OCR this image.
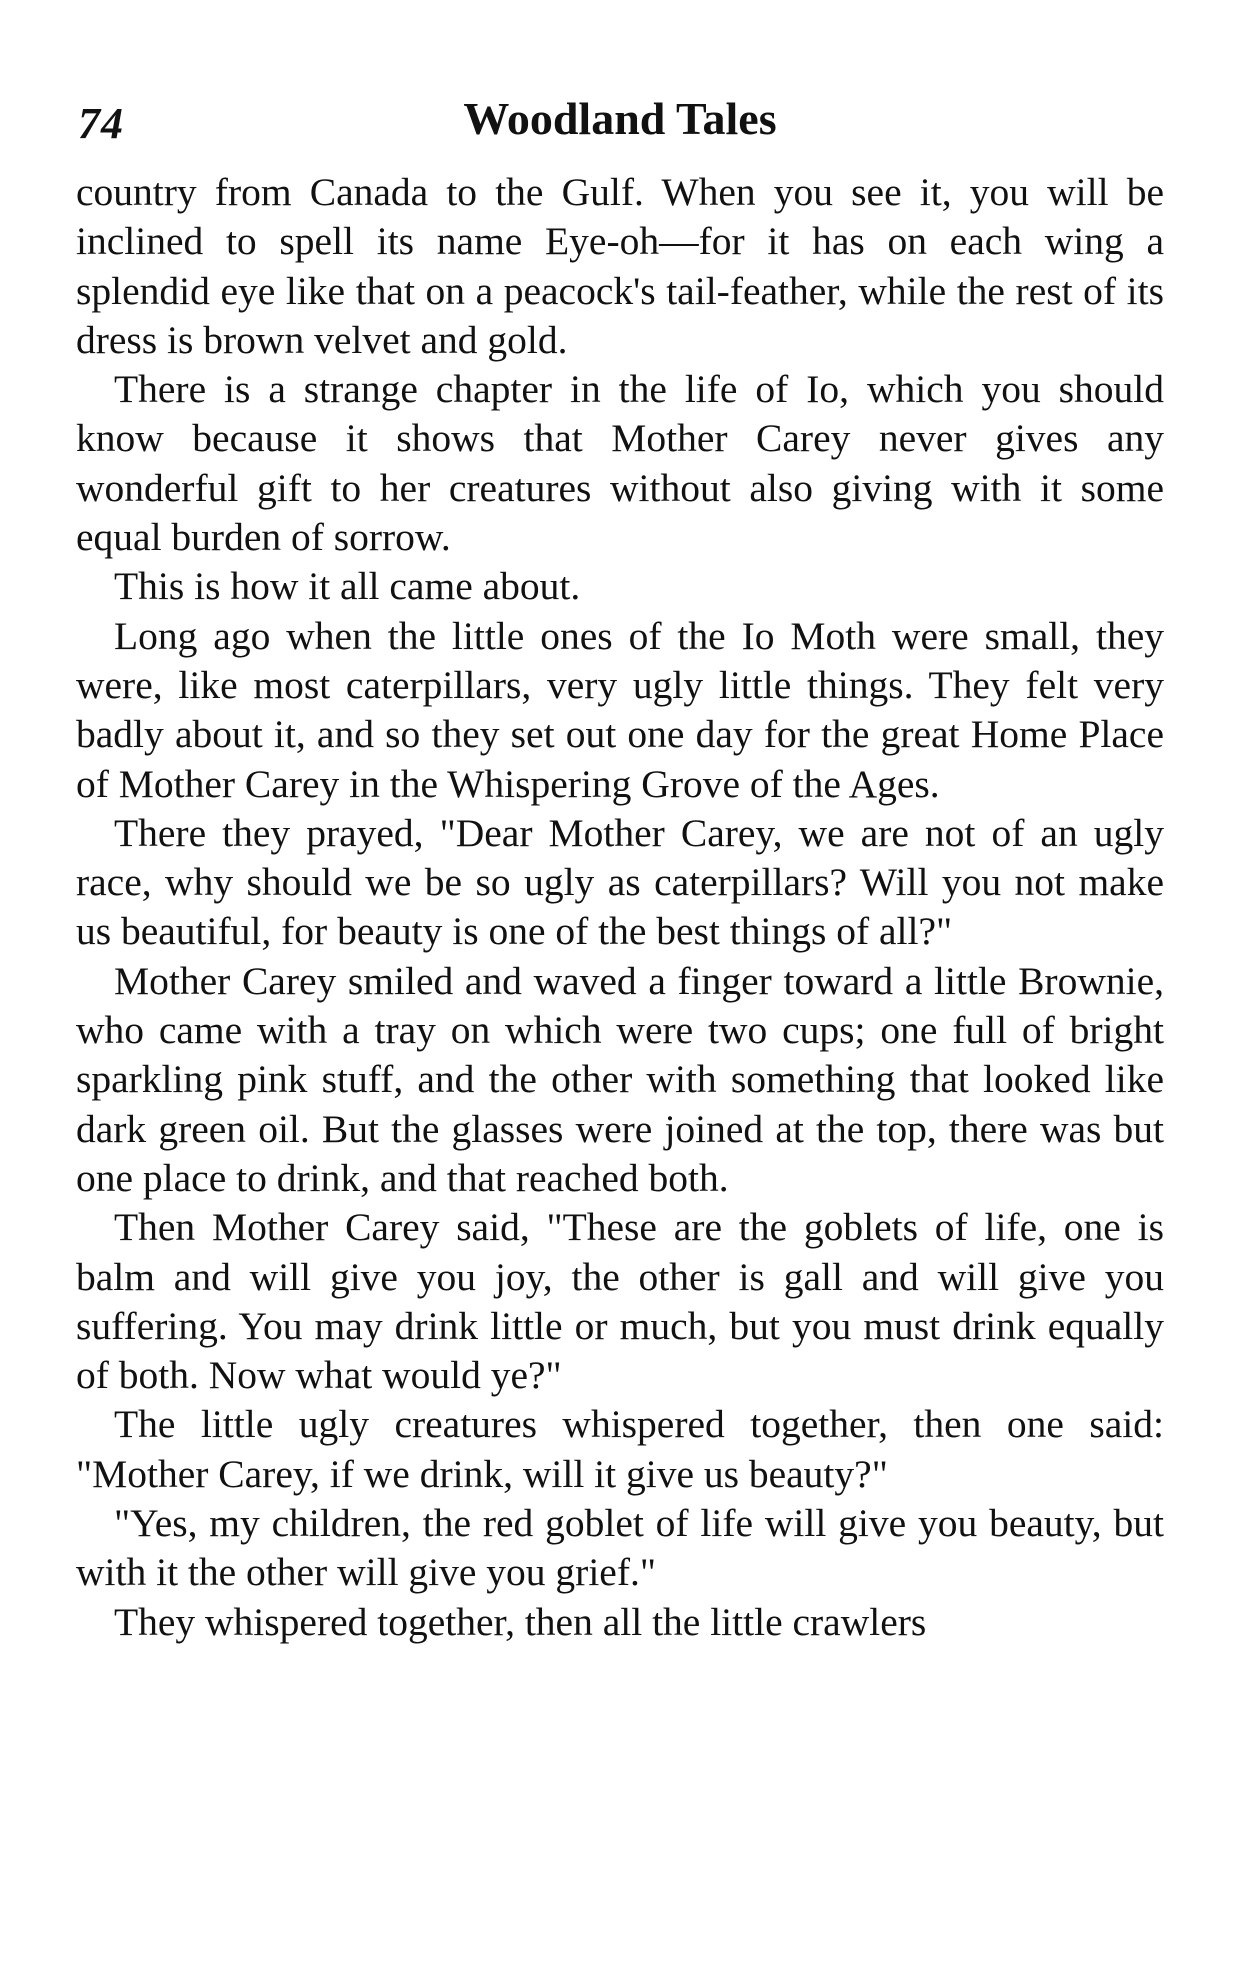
74	Woodland Tales

country from Canada to the Gulf. When you see it, you will be inclined to spell its name Eye-oh—for it has on each wing a splendid eye like that on a peacock's tail-feather, while the rest of its dress is brown velvet and gold.

There is a strange chapter in the life of Io, which you should know because it shows that Mother Carey never gives any wonderful gift to her creatures without also giving with it some equal burden of sorrow.

This is how it all came about.

Long ago when the little ones of the Io Moth were small, they were, like most caterpillars, very ugly little things. They felt very badly about it, and so they set out one day for the great Home Place of Mother Carey in the Whispering Grove of the Ages.

There they prayed, "Dear Mother Carey, we are not of an ugly race, why should we be so ugly as caterpillars? Will you not make us beautiful, for beauty is one of the best things of all?"

Mother Carey smiled and waved a finger toward a little Brownie, who came with a tray on which were two cups; one full of bright sparkling pink stuff, and the other with something that looked like dark green oil. But the glasses were joined at the top, there was but one place to drink, and that reached both.

Then Mother Carey said, "These are the goblets of life, one is balm and will give you joy, the other is gall and will give you suffering. You may drink little or much, but you must drink equally of both. Now what would ye?"

The little ugly creatures whispered together, then one said: "Mother Carey, if we drink, will it give us beauty?"

"Yes, my children, the red goblet of life will give you beauty, but with it the other will give you grief."

They whispered together, then all the little crawlers
